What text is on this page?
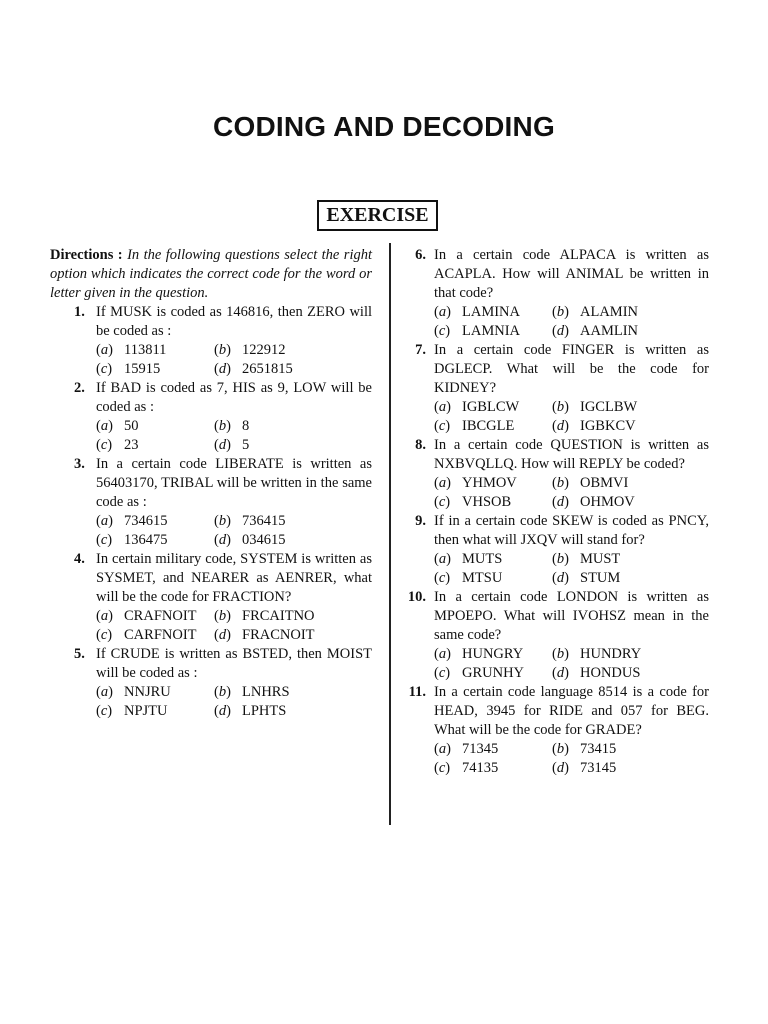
CODING AND DECODING
EXERCISE
Directions : In the following questions select the right option which indicates the correct code for the word or letter given in the question.
1. If MUSK is coded as 146816, then ZERO will be coded as :
(a) 113811	(b) 122912
(c) 15915	(d) 2651815
2. If BAD is coded as 7, HIS as 9, LOW will be coded as :
(a) 50	(b) 8
(c) 23	(d) 5
3. In a certain code LIBERATE is written as 56403170, TRIBAL will be written in the same code as :
(a) 734615	(b) 736415
(c) 136475	(d) 034615
4. In certain military code, SYSTEM is written as SYSMET, and NEARER as AENRER, what will be the code for FRACTION?
(a) CRAFNOIT	(b) FRCAITNO
(c) CARFNOIT	(d) FRACNOIT
5. If CRUDE is written as BSTED, then MOIST will be coded as :
(a) NNJRU	(b) LNHRS
(c) NPJTU	(d) LPHTS
6. In a certain code ALPACA is written as ACAPLA. How will ANIMAL be written in that code?
(a) LAMINA	(b) ALAMIN
(c) LAMNIA	(d) AAMLIN
7. In a certain code FINGER is written as DGLECP. What will be the code for KIDNEY?
(a) IGBLCW	(b) IGCLBW
(c) IBCGLE	(d) IGBKCV
8. In a certain code QUESTION is written as NXBVQLLQ. How will REPLY be coded?
(a) YHMOV	(b) OBMVI
(c) VHSOB	(d) OHMOV
9. If in a certain code SKEW is coded as PNCY, then what will JXQV will stand for?
(a) MUTS	(b) MUST
(c) MTSU	(d) STUM
10. In a certain code LONDON is written as MPOEPO. What will IVOHSZ mean in the same code?
(a) HUNGRY	(b) HUNDRY
(c) GRUNHY	(d) HONDUS
11. In a certain code language 8514 is a code for HEAD, 3945 for RIDE and 057 for BEG. What will be the code for GRADE?
(a) 71345	(b) 73415
(c) 74135	(d) 73145
